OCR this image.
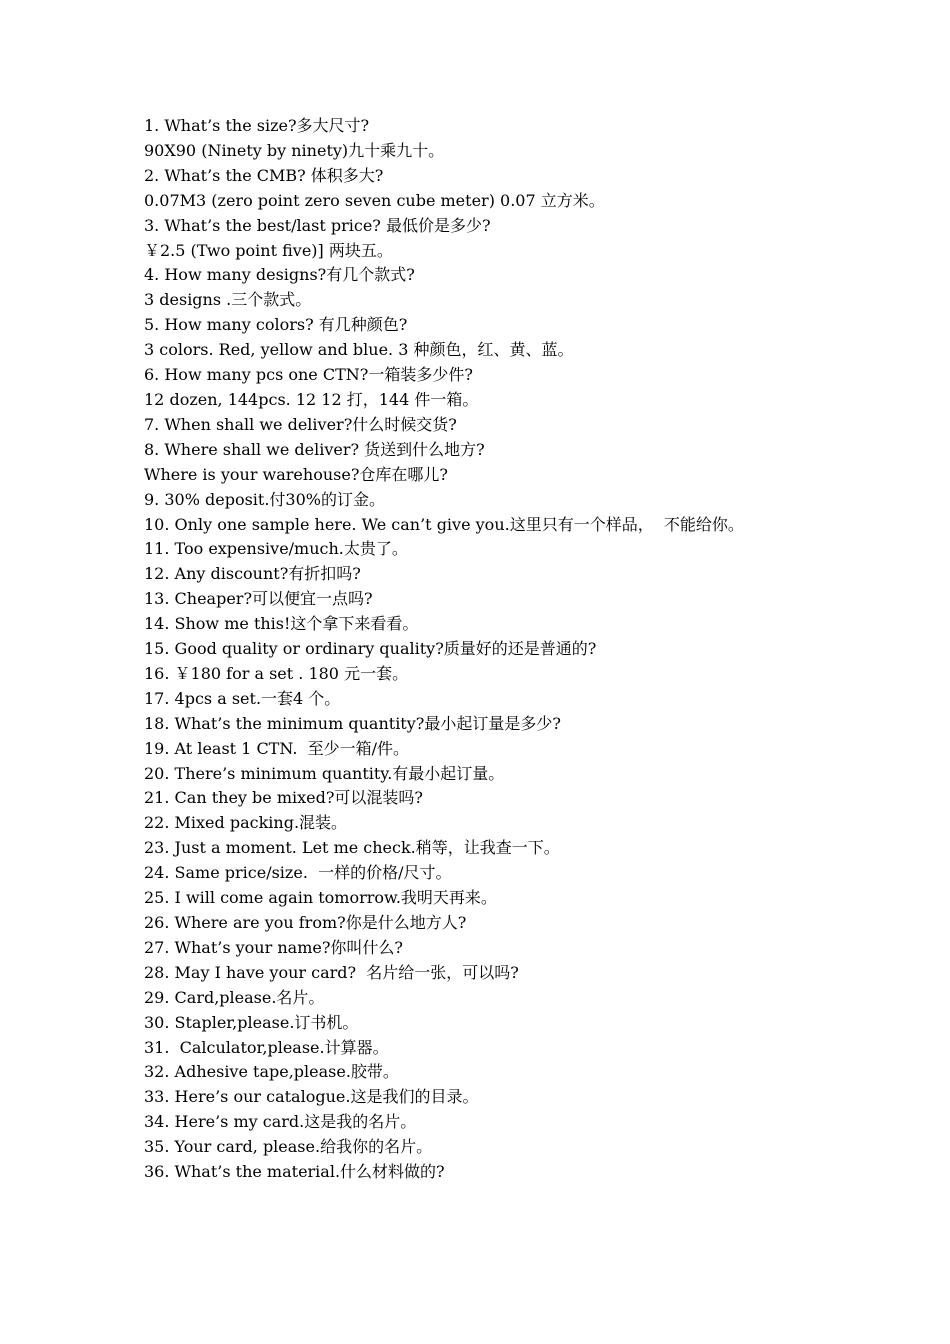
1. What’s the size?多大尺寸?
90X90 (Ninety by ninety)九十乘九十。
2. What’s the CMB? 体积多大?
0.07M3 (zero point zero seven cube meter) 0.07 立方米。
3. What’s the best/last price? 最低价是多少?
￥2.5 (Two point five)] 两块五。
4. How many designs?有几个款式?
3 designs .三个款式。
5. How many colors? 有几种颜色?
3 colors. Red, yellow and blue. 3 种颜色，红、黄、蓝。
6. How many pcs one CTN?一箱装多少件?
12 dozen, 144pcs. 12 12 打，144 件一箱。
7. When shall we deliver?什么时候交货?
8. Where shall we deliver? 货送到什么地方?
Where is your warehouse?仓库在哪儿?
9. 30% deposit.付30%的订金。
10. Only one sample here. We can’t give you.这里只有一个样品，  不能给你。
11. Too expensive/much.太贵了。
12. Any discount?有折扣吗?
13. Cheaper?可以便宜一点吗?
14. Show me this!这个拿下来看看。
15. Good quality or ordinary quality?质量好的还是普通的?
16. ￥180 for a set . 180 元一套。
17. 4pcs a set.一套4 个。
18. What’s the minimum quantity?最小起订量是多少?
19. At least 1 CTN.  至少一箱/件。
20. There’s minimum quantity.有最小起订量。
21. Can they be mixed?可以混装吗?
22. Mixed packing.混装。
23. Just a moment. Let me check.稍等，让我查一下。
24. Same price/size.  一样的价格/尺寸。
25. I will come again tomorrow.我明天再来。
26. Where are you from?你是什么地方人?
27. What’s your name?你叫什么?
28. May I have your card?  名片给一张，可以吗?
29. Card,please.名片。
30. Stapler,please.订书机。
31.  Calculator,please.计算器。
32. Adhesive tape,please.胶带。
33. Here’s our catalogue.这是我们的目录。
34. Here’s my card.这是我的名片。
35. Your card, please.给我你的名片。
36. What’s the material.什么材料做的?
